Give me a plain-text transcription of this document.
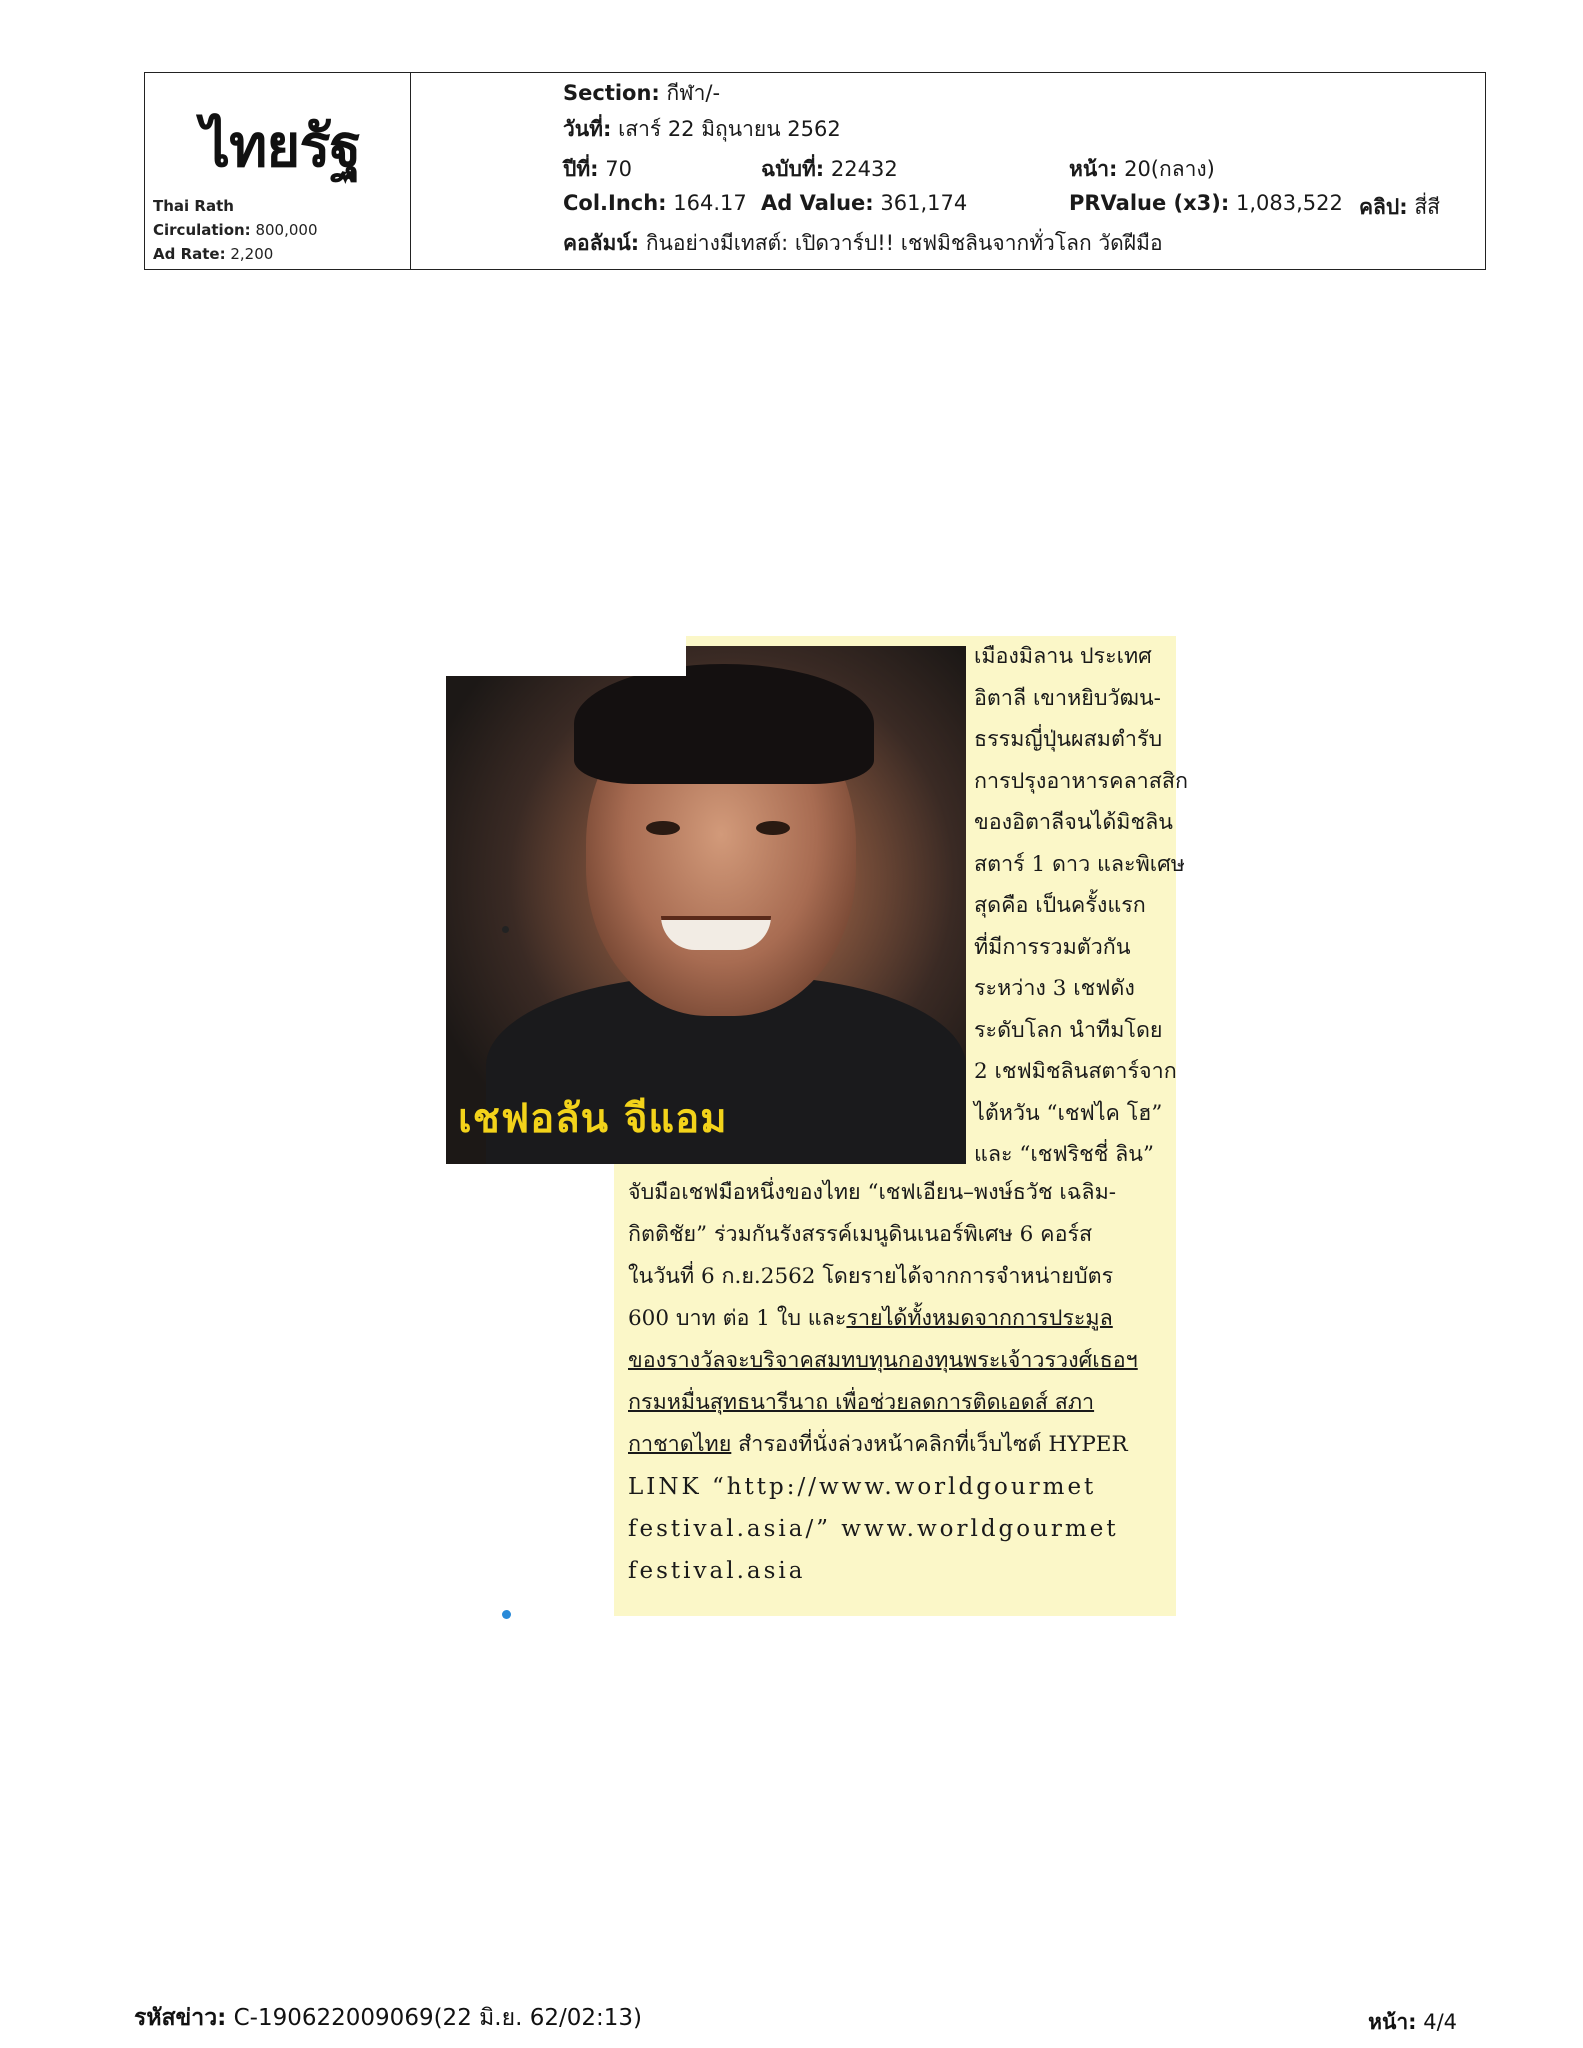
ไทยรัฐ
Thai Rath
Circulation: 800,000
Ad Rate: 2,200
Section: กีฬา/-
วันที่: เสาร์ 22 มิถุนายน 2562
ปีที่: 70	ฉบับที่: 22432	หน้า: 20(กลาง)
Col.Inch: 164.17 Ad Value: 361,174	PRValue (x3): 1,083,522 คลิป: สี่สี
คอลัมน์: กินอย่างมีเทสต์: เปิดวาร์ป!! เชฟมิชลินจากทั่วโลก วัดฝีมือ
เชฟอลัน จีแอม
เมืองมิลาน ประเทศ
อิตาลี เขาหยิบวัฒน-
ธรรมญี่ปุ่นผสมตำรับ
การปรุงอาหารคลาสสิก
ของอิตาลีจนได้มิชลิน
สตาร์ 1 ดาว และพิเศษ
สุดคือ เป็นครั้งแรก
ที่มีการรวมตัวกัน
ระหว่าง 3 เชฟดัง
ระดับโลก นำทีมโดย
2 เชฟมิชลินสตาร์จาก
ไต้หวัน “เชฟไค โฮ”
และ “เชฟริชชี่ ลิน”
จับมือเชฟมือหนึ่งของไทย “เชฟเอียน–พงษ์ธวัช เฉลิม-
กิตติชัย” ร่วมกันรังสรรค์เมนูดินเนอร์พิเศษ 6 คอร์ส
ในวันที่ 6 ก.ย.2562 โดยรายได้จากการจำหน่ายบัตร
600 บาท ต่อ 1 ใบ และรายได้ทั้งหมดจากการประมูล
ของรางวัลจะบริจาคสมทบทุนกองทุนพระเจ้าวรวงศ์เธอฯ
กรมหมื่นสุทธนารีนาถ เพื่อช่วยลดการติดเอดส์ สภา
กาชาดไทย สำรองที่นั่งล่วงหน้าคลิกที่เว็บไซต์ HYPER
LINK “http://www.worldgourmet
festival.asia/” www.worldgourmet
festival.asia
รหัสข่าว: C-190622009069(22 มิ.ย. 62/02:13)	หน้า: 4/4
